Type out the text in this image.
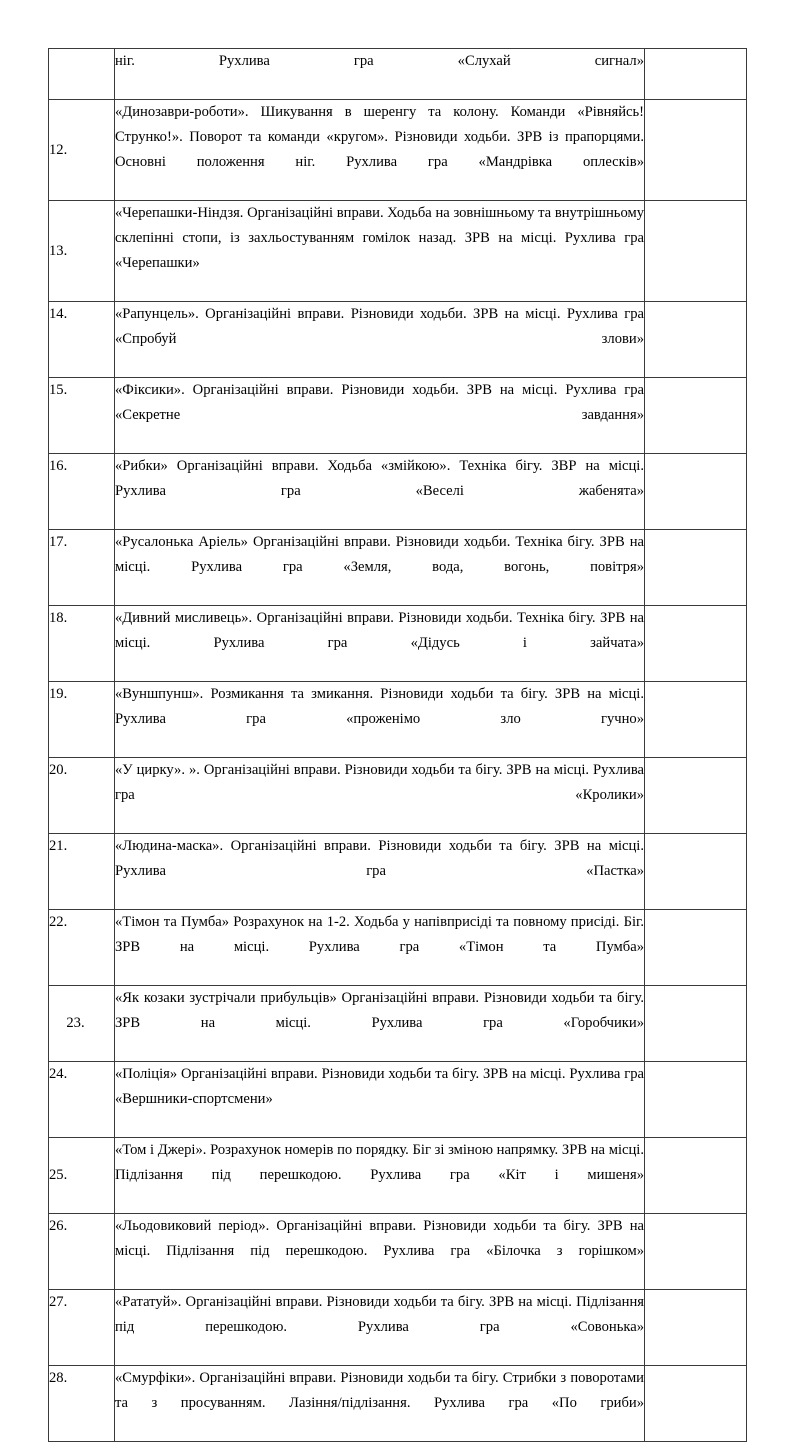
	ніг. Рухлива гра «Слухай сигнал»	

12.	«Динозаври-роботи». Шикування в шеренгу та колону. Команди «Рівняйсь! Струнко!». Поворот та команди «кругом». Різновиди ходьби. ЗРВ із прапорцями. Основні положення ніг. Рухлива гра «Мандрівка оплесків»	

13.	«Черепашки-Ніндзя. Організаційні вправи. Ходьба на зовнішньому та внутрішньому склепінні стопи, із захльостуванням гомілок назад. ЗРВ на місці. Рухлива гра «Черепашки»	

14.	«Рапунцель». Організаційні вправи. Різновиди ходьби. ЗРВ на місці. Рухлива гра «Спробуй злови»	

15.	«Фіксики». Організаційні вправи. Різновиди ходьби. ЗРВ на місці. Рухлива гра «Секретне завдання»	

16.	«Рибки» Організаційні вправи. Ходьба «змійкою». Техніка бігу. ЗВР на місці. Рухлива гра «Веселі жабенята»	

17.	«Русалонька Аріель» Організаційні вправи. Різновиди ходьби. Техніка бігу. ЗРВ на місці. Рухлива гра «Земля, вода, вогонь, повітря»	

18.	«Дивний мисливець». Організаційні вправи. Різновиди ходьби. Техніка бігу. ЗРВ на місці. Рухлива гра «Дідусь і зайчата»	

19.	«Вуншпунш». Розмикання та змикання. Різновиди ходьби та бігу. ЗРВ на місці. Рухлива гра «проженімо зло гучно»	

20.	«У цирку». ». Організаційні вправи. Різновиди ходьби та бігу. ЗРВ на місці. Рухлива гра «Кролики»	

21.	«Людина-маска». Організаційні вправи. Різновиди ходьби та бігу. ЗРВ на місці. Рухлива гра «Пастка»	

22.	«Тімон та Пумба» Розрахунок на 1-2. Ходьба у напівприсіді та повному присіді. Біг. ЗРВ на місці. Рухлива гра «Тімон та Пумба»	

23.	«Як козаки зустрічали прибульців» Організаційні вправи. Різновиди ходьби та бігу. ЗРВ на місці. Рухлива гра «Горобчики»	

24.	«Поліція» Організаційні вправи. Різновиди ходьби та бігу. ЗРВ на місці. Рухлива гра «Вершники-спортсмени»	

25.	«Том і Джері». Розрахунок номерів по порядку. Біг зі зміною напрямку. ЗРВ на місці. Підлізання під перешкодою. Рухлива гра «Кіт і мишеня»	

26.	«Льодовиковий період». Організаційні вправи. Різновиди ходьби та бігу. ЗРВ на місці. Підлізання під перешкодою. Рухлива гра «Білочка з горішком»	

27.	«Рататуй». Організаційні вправи. Різновиди ходьби та бігу. ЗРВ на місці. Підлізання під перешкодою. Рухлива гра «Совонька»	

28.	«Смурфіки». Організаційні вправи. Різновиди ходьби та бігу. Стрибки з поворотами та з просуванням. Лазіння/підлізання. Рухлива гра «По гриби»	
